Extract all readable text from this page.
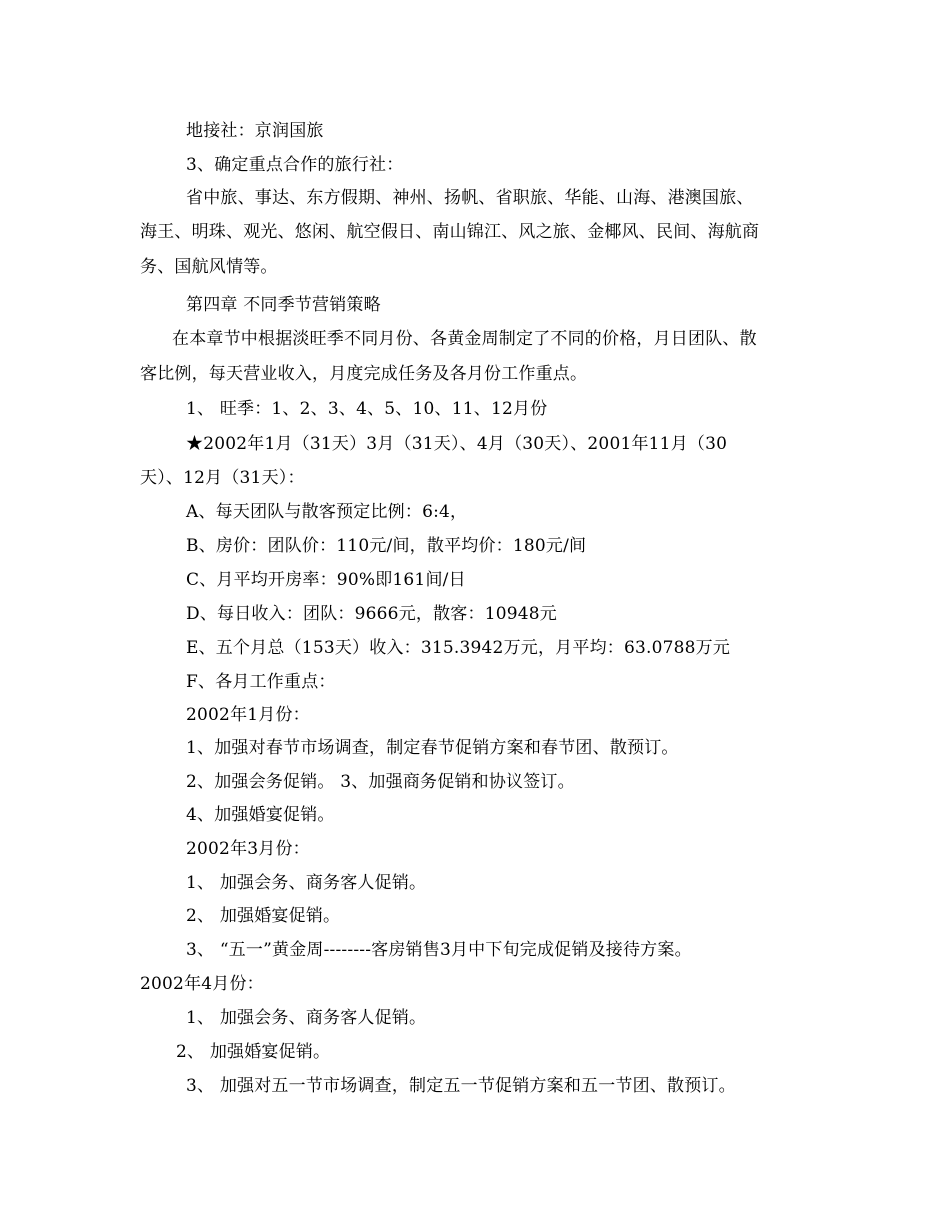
地接社：京润国旅
3、确定重点合作的旅行社：
省中旅、事达、东方假期、神州、扬帆、省职旅、华能、山海、港澳国旅、
海王、明珠、观光、悠闲、航空假日、南山锦江、风之旅、金椰风、民间、海航商
务、国航风情等。
第四章 不同季节营销策略
在本章节中根据淡旺季不同月份、各黄金周制定了不同的价格，月日团队、散
客比例，每天营业收入，月度完成任务及各月份工作重点。
1、 旺季：1、2、3、4、5、10、11、12月份
★2002年1月（31天）3月（31天）、4月（30天）、2001年11月（30
天）、12月（31天）：
A、每天团队与散客预定比例：6:4，
B、房价：团队价：110元/间，散平均价：180元/间
C、月平均开房率：90%即161间/日
D、每日收入：团队：9666元，散客：10948元
E、五个月总（153天）收入：315.3942万元，月平均：63.0788万元
F、各月工作重点：
2002年1月份：
1、加强对春节市场调查，制定春节促销方案和春节团、散预订。
2、加强会务促销。 3、加强商务促销和协议签订。
4、加强婚宴促销。
2002年3月份：
1、 加强会务、商务客人促销。
2、 加强婚宴促销。
3、 “五一”黄金周--------客房销售3月中下旬完成促销及接待方案。
2002年4月份：
1、 加强会务、商务客人促销。
2、 加强婚宴促销。
3、 加强对五一节市场调查，制定五一节促销方案和五一节团、散预订。
